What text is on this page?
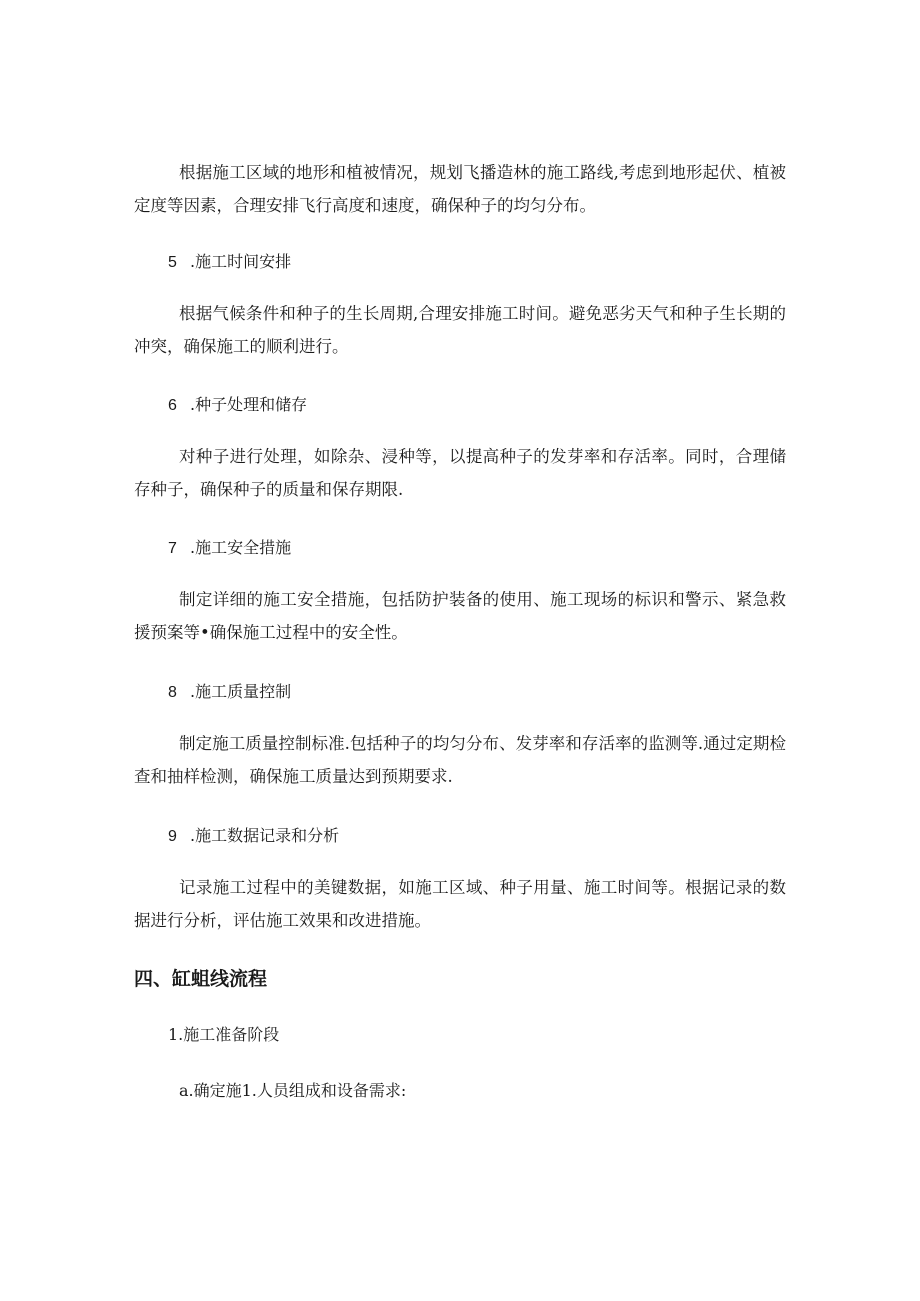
根据施工区域的地形和植被情况，规划飞播造林的施工路线,考虑到地形起伏、植被定度等因素，合理安排飞行高度和速度，确保种子的均匀分布。

5 .施工时间安排

根据气候条件和种子的生长周期,合理安排施工时间。避免恶劣天气和种子生长期的冲突，确保施工的顺利进行。

6 .种子处理和储存

对种子进行处理，如除杂、浸种等，以提高种子的发芽率和存活率。同时，合理储存种子，确保种子的质量和保存期限.

7 .施工安全措施

制定详细的施工安全措施，包括防护装备的使用、施工现场的标识和警示、紧急救援预案等•确保施工过程中的安全性。

8 .施工质量控制

制定施工质量控制标准.包括种子的均匀分布、发芽率和存活率的监测等.通过定期检查和抽样检测，确保施工质量达到预期要求.

9 .施工数据记录和分析

记录施工过程中的美键数据，如施工区域、种子用量、施工时间等。根据记录的数据进行分析，评估施工效果和改进措施。

四、缸蛆线流程
1.施工准备阶段
a.确定施1.人员组成和设备需求:
